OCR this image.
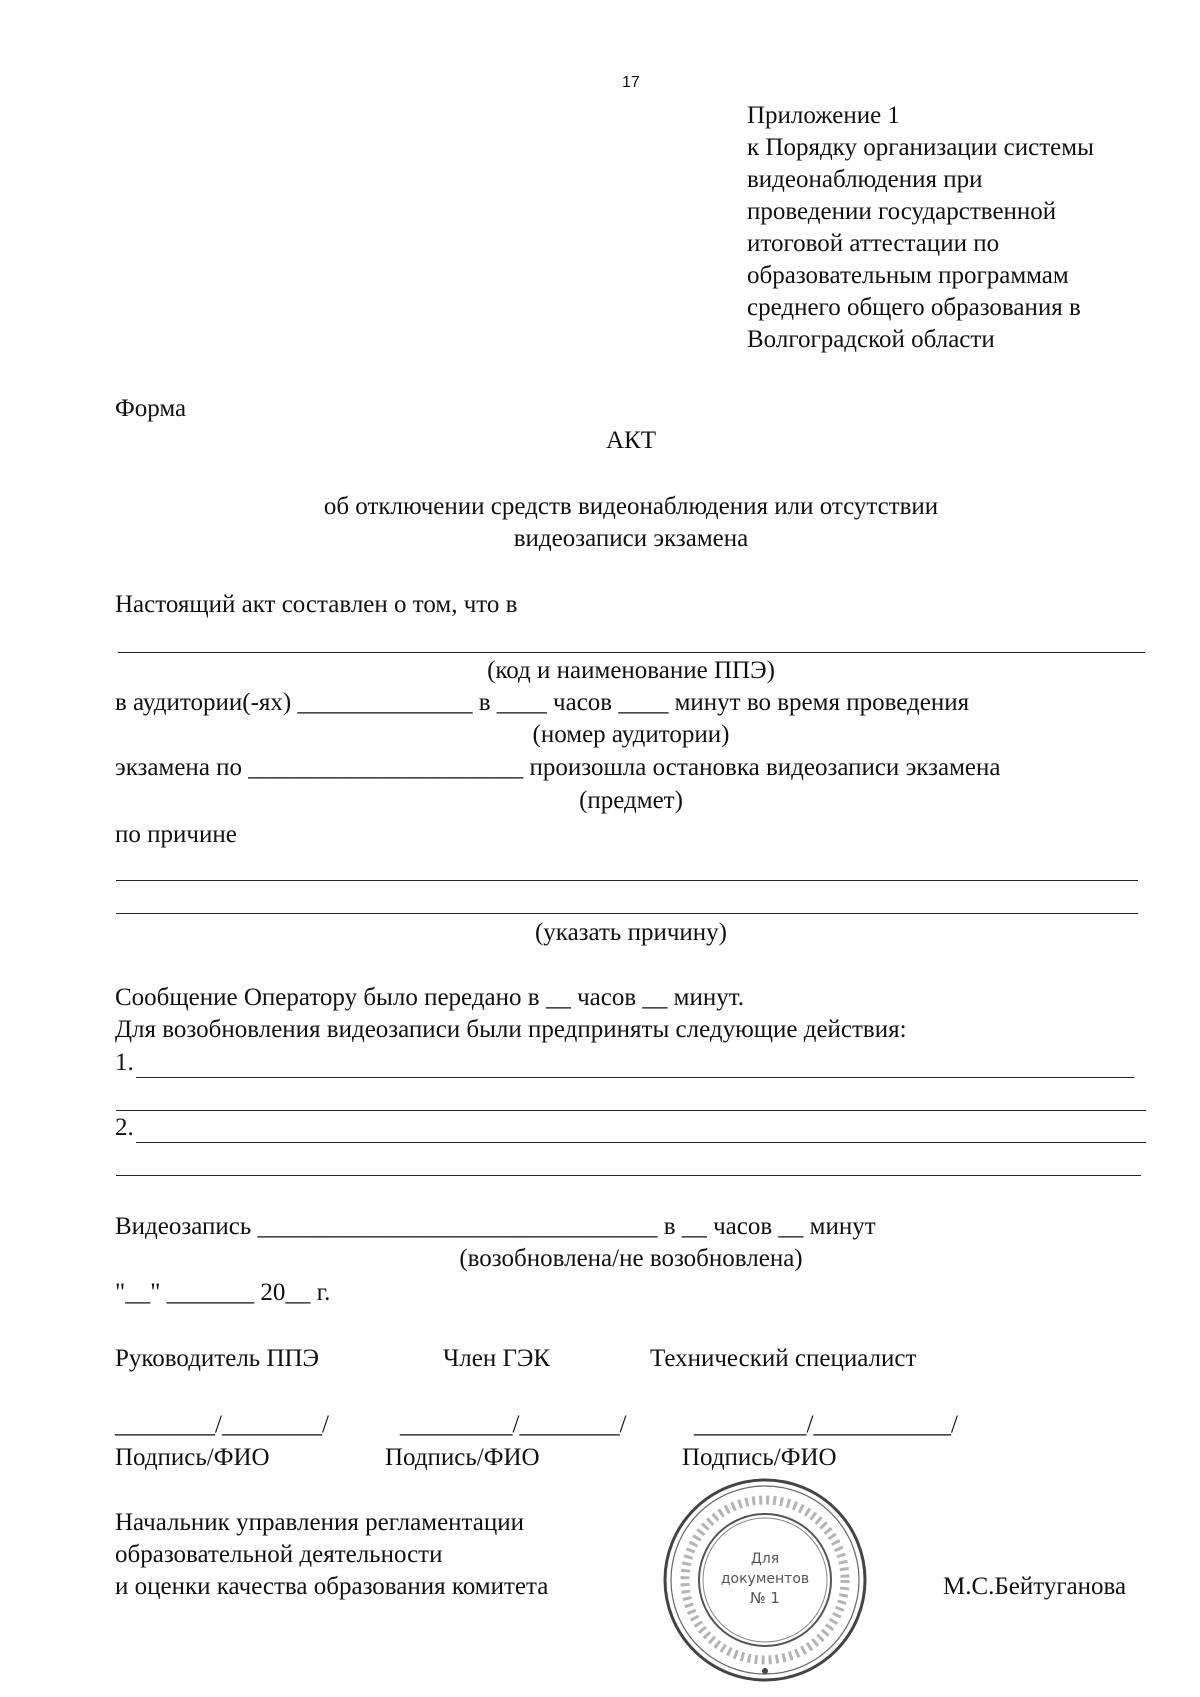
17
Приложение 1
к Порядку организации системы
видеонаблюдения при
проведении государственной
итоговой аттестации по
образовательным программам
среднего общего образования в
Волгоградской области
Форма
АКТ
об отключении средств видеонаблюдения или отсутствии
видеозаписи экзамена
Настоящий акт составлен о том, что в
(код и наименование ППЭ)
в аудитории(-ях) ______________ в ____ часов ____ минут во время проведения
(номер аудитории)
экзамена по ______________________ произошла остановка видеозаписи экзамена
(предмет)
по причине
(указать причину)
Сообщение Оператору было передано в __ часов __ минут.
Для возобновления видеозаписи были предприняты следующие действия:
1.
2.
Видеозапись ________________________________ в __ часов __ минут
(возобновлена/не возобновлена)
"__" _______ 20__ г.
Руководитель ППЭ	Член ГЭК	Технический специалист
________/________/	_________/________/	_________/___________/
Подпись/ФИО	Подпись/ФИО	Подпись/ФИО
Начальник управления регламентации
образовательной деятельности
и оценки качества образования комитета	М.С.Бейтуганова
Для
документов
№ 1
